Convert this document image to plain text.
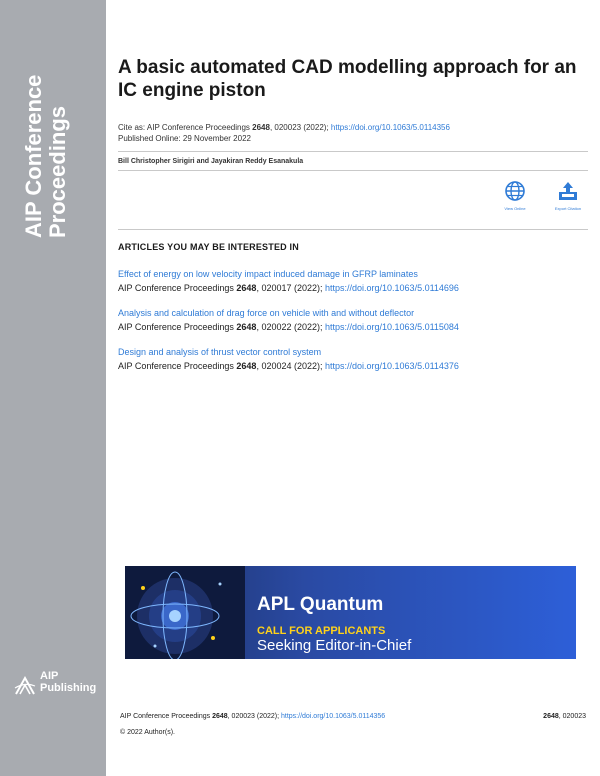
AIP Conference Proceedings
AIP
Publishing
A basic automated CAD modelling approach for an IC engine piston
Cite as: AIP Conference Proceedings 2648, 020023 (2022); https://doi.org/10.1063/5.0114356
Published Online: 29 November 2022
Bill Christopher Sirigiri and Jayakiran Reddy Esanakula
View Online	Export Citation
ARTICLES YOU MAY BE INTERESTED IN
Effect of energy on low velocity impact induced damage in GFRP laminates
AIP Conference Proceedings 2648, 020017 (2022); https://doi.org/10.1063/5.0114696
Analysis and calculation of drag force on vehicle with and without deflector
AIP Conference Proceedings 2648, 020022 (2022); https://doi.org/10.1063/5.0115084
Design and analysis of thrust vector control system
AIP Conference Proceedings 2648, 020024 (2022); https://doi.org/10.1063/5.0114376
APL Quantum
CALL FOR APPLICANTS
Seeking Editor-in-Chief
AIP Conference Proceedings 2648, 020023 (2022); https://doi.org/10.1063/5.0114356	2648, 020023
© 2022 Author(s).
